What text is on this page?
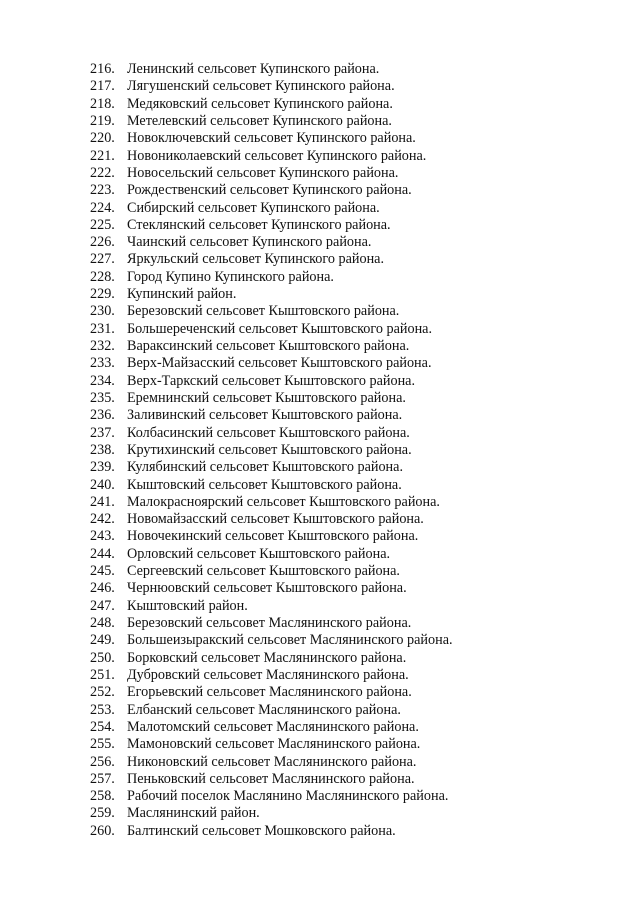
216. Ленинский сельсовет Купинского района.
217. Лягушенский сельсовет Купинского района.
218. Медяковский сельсовет Купинского района.
219. Метелевский сельсовет Купинского района.
220. Новоключевский сельсовет Купинского района.
221. Новониколаевский сельсовет Купинского района.
222. Новосельский сельсовет Купинского района.
223. Рождественский сельсовет Купинского района.
224. Сибирский сельсовет Купинского района.
225. Стеклянский сельсовет Купинского района.
226. Чаинский сельсовет Купинского района.
227. Яркульский сельсовет Купинского района.
228. Город Купино Купинского района.
229. Купинский район.
230. Березовский сельсовет Кыштовского района.
231. Большереченский сельсовет Кыштовского района.
232. Вараксинский сельсовет Кыштовского района.
233. Верх-Майзасский сельсовет Кыштовского района.
234. Верх-Таркский сельсовет Кыштовского района.
235. Еремнинский сельсовет Кыштовского района.
236. Заливинский сельсовет Кыштовского района.
237. Колбасинский сельсовет Кыштовского района.
238. Крутихинский сельсовет Кыштовского района.
239. Кулябинский сельсовет Кыштовского района.
240. Кыштовский сельсовет Кыштовского района.
241. Малокрасноярский сельсовет Кыштовского района.
242. Новомайзасский сельсовет Кыштовского района.
243. Новочекинский сельсовет Кыштовского района.
244. Орловский сельсовет Кыштовского района.
245. Сергеевский сельсовет Кыштовского района.
246. Чернюовский сельсовет Кыштовского района.
247. Кыштовский район.
248. Березовский сельсовет Маслянинского района.
249. Большеизыракский сельсовет Маслянинского района.
250. Борковский сельсовет Маслянинского района.
251. Дубровский сельсовет Маслянинского района.
252. Егорьевский сельсовет Маслянинского района.
253. Елбанский сельсовет Маслянинского района.
254. Малотомский сельсовет Маслянинского района.
255. Мамоновский сельсовет Маслянинского района.
256. Никоновский сельсовет Маслянинского района.
257. Пеньковский сельсовет Маслянинского района.
258. Рабочий поселок Маслянино Маслянинского района.
259. Маслянинский район.
260. Балтинский сельсовет Мошковского района.
